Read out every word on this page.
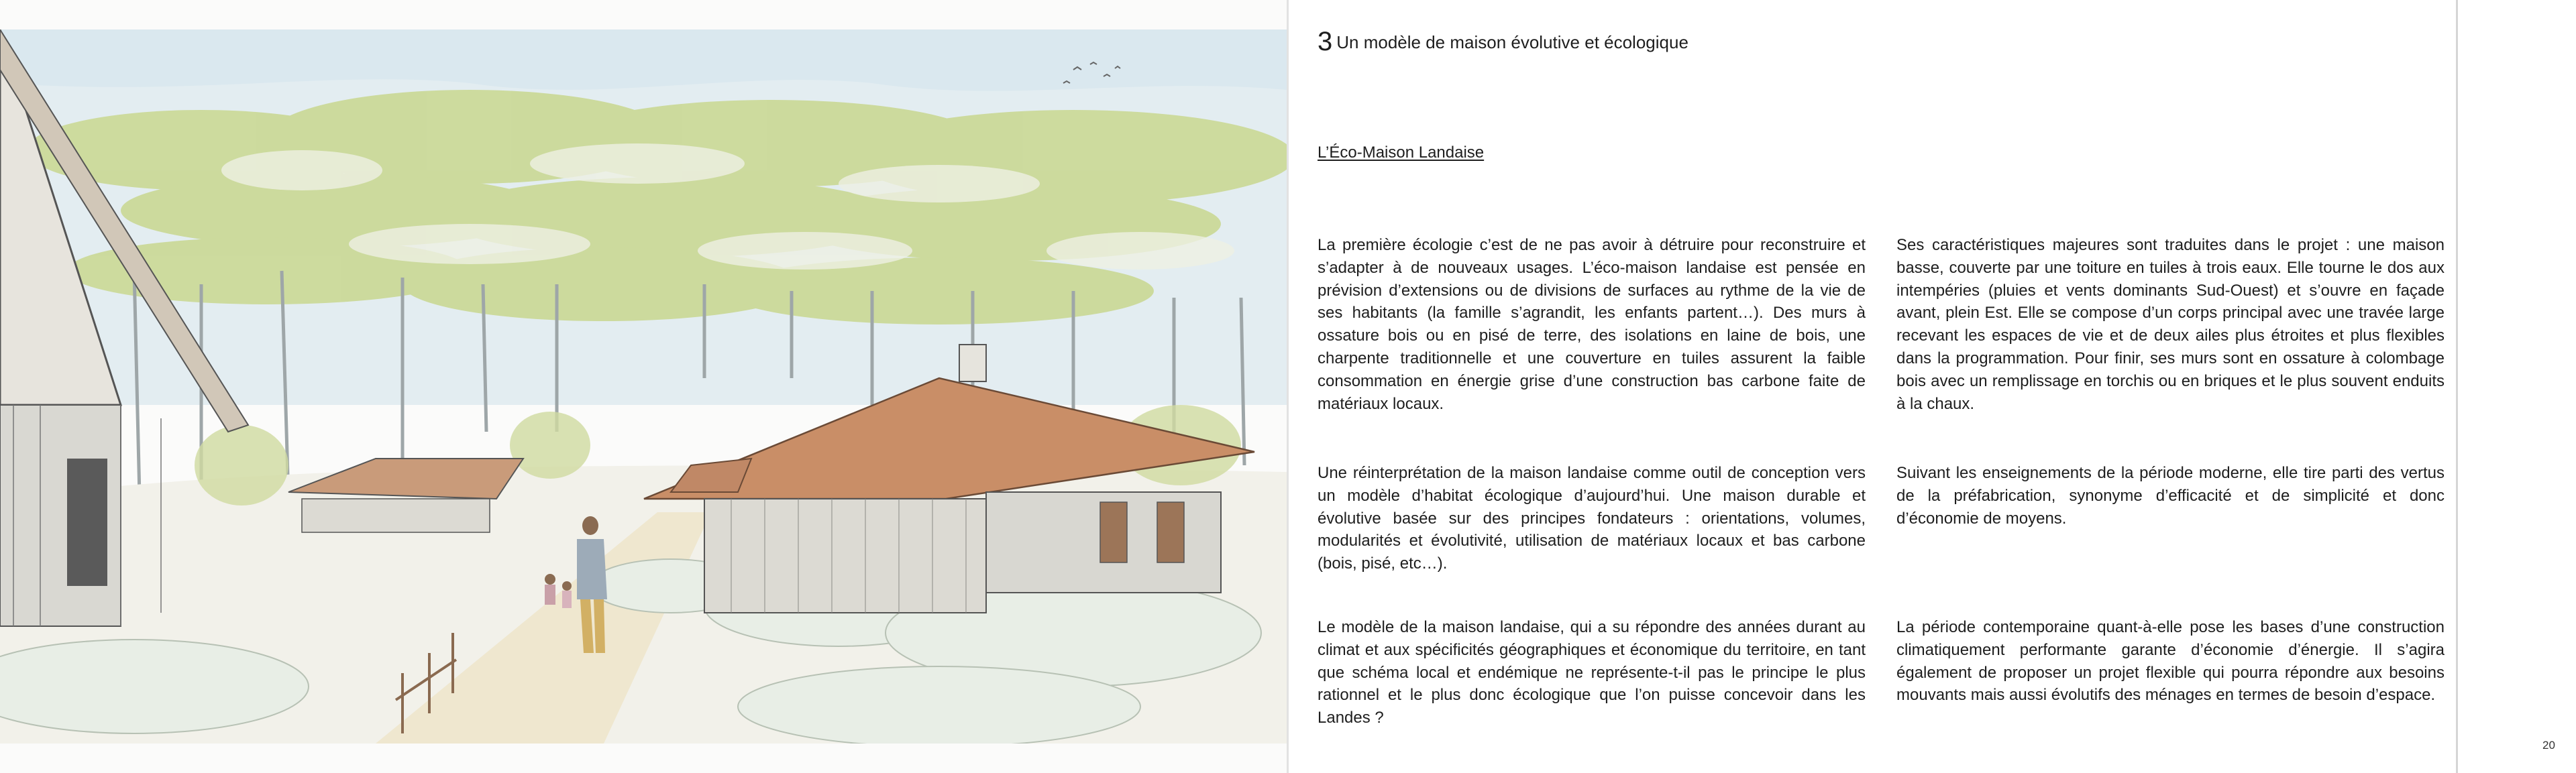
3 Un modèle de maison évolutive et écologique
L’Éco-Maison Landaise

La première écologie c’est de ne pas avoir à détruire pour reconstruire et s’adapter à de nouveaux usages. L’éco-maison landaise est pensée en prévision d’extensions ou de divisions de surfaces au rythme de la vie de ses habitants (la famille s’agrandit, les enfants partent…). Des murs à ossature bois ou en pisé de terre, des isolations en laine de bois, une charpente traditionnelle et une couverture en tuiles assurent la faible consommation en énergie grise d’une construction bas carbone faite de matériaux locaux.

Une réinterprétation de la maison landaise comme outil de conception vers un modèle d’habitat écologique d’aujourd’hui. Une maison durable et évolutive basée sur des principes fondateurs : orientations, volumes, modularités et évolutivité, utilisation de matériaux locaux et bas carbone (bois, pisé, etc…).

Le modèle de la maison landaise, qui a su répondre des années durant au climat et aux spécificités géographiques et économique du territoire, en tant que schéma local et endémique ne représente-t-il pas le principe le plus rationnel et le plus donc écologique que l’on puisse concevoir dans les Landes ?

Ses caractéristiques majeures sont traduites dans le projet : une maison basse, couverte par une toiture en tuiles à trois eaux. Elle tourne le dos aux intempéries (pluies et vents dominants Sud-Ouest) et s’ouvre en façade avant, plein Est. Elle se compose d’un corps principal avec une travée large recevant les espaces de vie et de deux ailes plus étroites et plus flexibles dans la programmation. Pour finir, ses murs sont en ossature à colombage bois avec un remplissage en torchis ou en briques et le plus souvent enduits à la chaux.

Suivant les enseignements de la période moderne, elle tire parti des vertus de la préfabrication, synonyme d’efficacité et de simplicité et donc d’économie de moyens.

La période contemporaine quant-à-elle pose les bases d’une construction climatiquement performante garante d’économie d’énergie. Il s’agira également de proposer un projet flexible qui pourra répondre aux besoins mouvants mais aussi évolutifs des ménages en termes de besoin d’espace.

20
